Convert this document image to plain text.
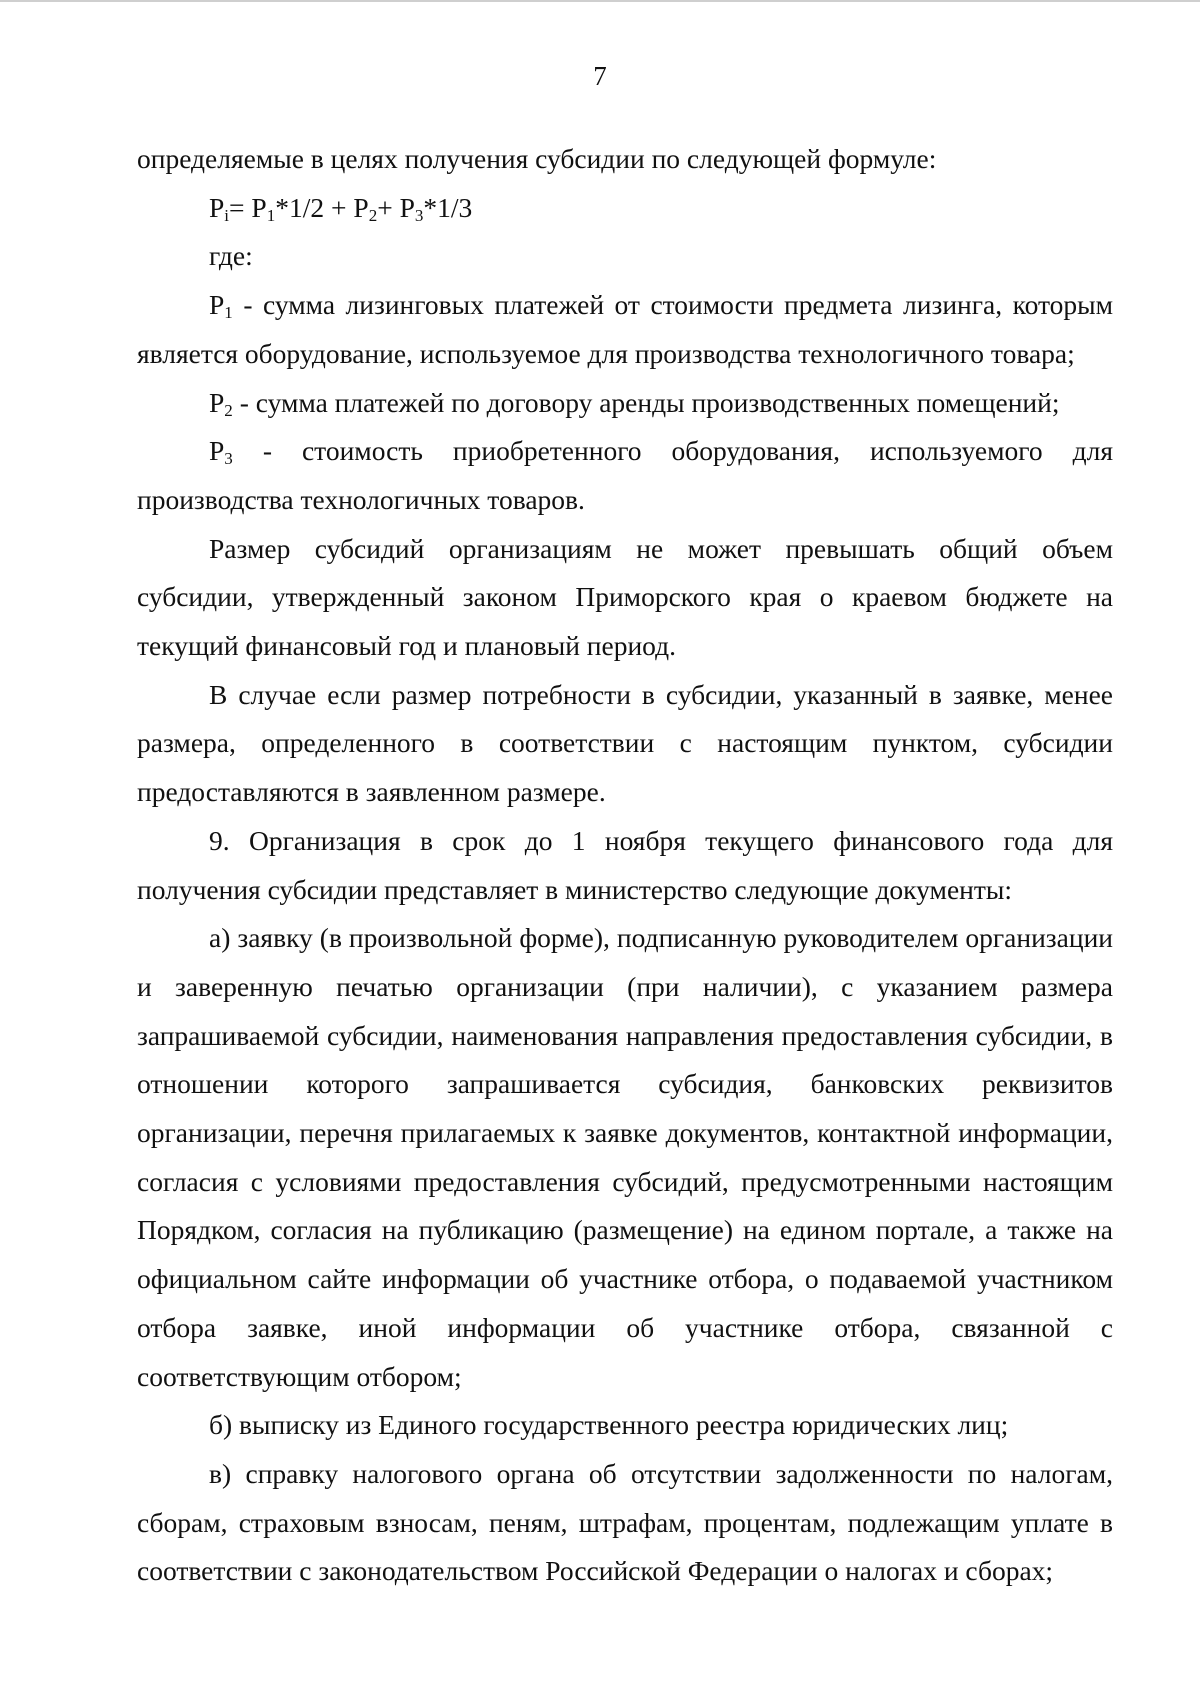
7

определяемые в целях получения субсидии по следующей формуле:

$P_i= P_1*1/2 + P_2+ P_3*1/3$

где:

$P_1$ - сумма лизинговых платежей от стоимости предмета лизинга, которым является оборудование, используемое для производства технологичного товара;

$P_2$ - сумма платежей по договору аренды производственных помещений;

$P_3$ - стоимость приобретенного оборудования, используемого для производства технологичных товаров.

Размер субсидий организациям не может превышать общий объем субсидии, утвержденный законом Приморского края о краевом бюджете на текущий финансовый год и плановый период.

В случае если размер потребности в субсидии, указанный в заявке, менее размера, определенного в соответствии с настоящим пунктом, субсидии предоставляются в заявленном размере.

9. Организация в срок до 1 ноября текущего финансового года для получения субсидии представляет в министерство следующие документы:

а) заявку (в произвольной форме), подписанную руководителем организации и заверенную печатью организации (при наличии), с указанием размера запрашиваемой субсидии, наименования направления предоставления субсидии, в отношении которого запрашивается субсидия, банковских реквизитов организации, перечня прилагаемых к заявке документов, контактной информации, согласия с условиями предоставления субсидий, предусмотренными настоящим Порядком, согласия на публикацию (размещение) на едином портале, а также на официальном сайте информации об участнике отбора, о подаваемой участником отбора заявке, иной информации об участнике отбора, связанной с соответствующим отбором;

б) выписку из Единого государственного реестра юридических лиц;

в) справку налогового органа об отсутствии задолженности по налогам, сборам, страховым взносам, пеням, штрафам, процентам, подлежащим уплате в соответствии с законодательством Российской Федерации о налогах и сборах;
